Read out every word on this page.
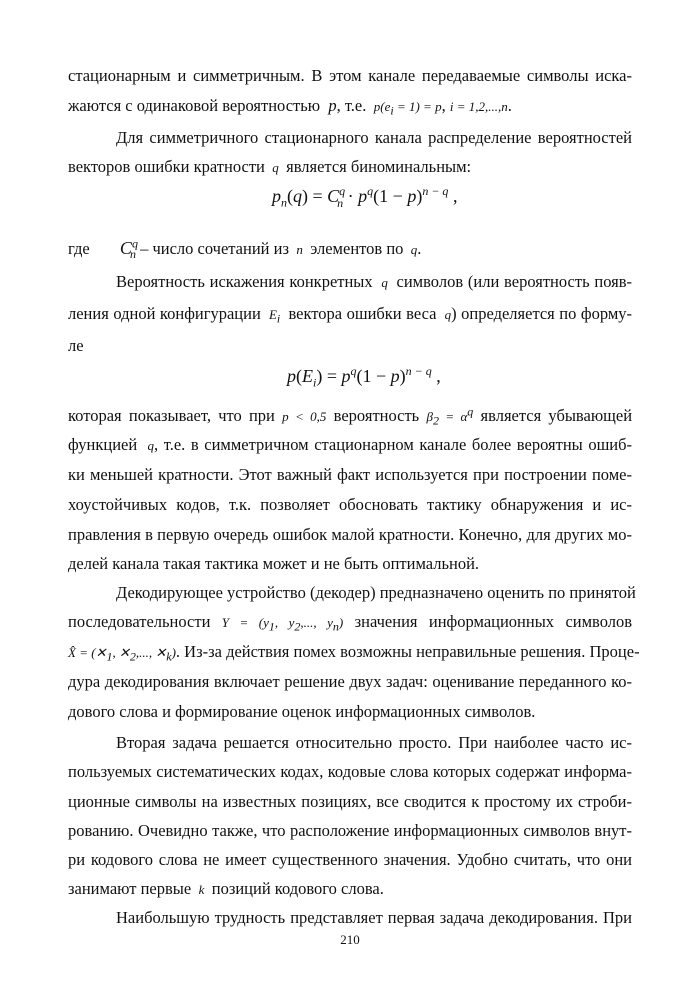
стационарным и симметричным. В этом канале передаваемые символы иска-
жаются с одинаковой вероятностью  p, т.е.  $p(e_i = 1) = p$, i = 1,2,...,n.
Для симметричного стационарного канала распределение вероятностей
векторов ошибки кратности  q  является биноминальным:
$p_n(q) = C^q_n \cdot p^q(1 - p)^{n - q}$ ,
где $C^q_n$ – число сочетаний из  n  элементов по  q.
Вероятность искажения конкретных  q  символов (или вероятность появ-
ления одной конфигурации  $E_i$ вектора ошибки веса  q) определяется по форму-
ле
$p(E_i) = p^q(1 - p)^{n - q}$ ,
которая показывает, что при p < 0,5 вероятность $\beta_2 = \alpha^q$ является убывающей
функцией  q, т.е. в симметричном стационарном канале более вероятны ошиб-
ки меньшей кратности. Этот важный факт используется при построении поме-
хоустойчивых кодов, т.к. позволяет обосновать тактику обнаружения и ис-
правления в первую очередь ошибок малой кратности. Конечно, для других мо-
делей канала такая тактика может и не быть оптимальной.
Декодирующее устройство (декодер) предназначено оценить по принятой
последовательности $Y = (y_1$, $y_2$,..., $y_n$) значения информационных символов
X̂ = ($✕_1$, $✕_2$,..., $✕_k$). Из-за действия помех возможны неправильные решения. Проце-
дура декодирования включает решение двух задач: оценивание переданного ко-
дового слова и формирование оценок информационных символов.
Вторая задача решается относительно просто. При наиболее часто ис-
пользуемых систематических кодах, кодовые слова которых содержат информа-
ционные символы на известных позициях, все сводится к простому их строби-
рованию. Очевидно также, что расположение информационных символов внут-
ри кодового слова не имеет существенного значения. Удобно считать, что они
занимают первые  k  позиций кодового слова.
Наибольшую трудность представляет первая задача декодирования. При
210
